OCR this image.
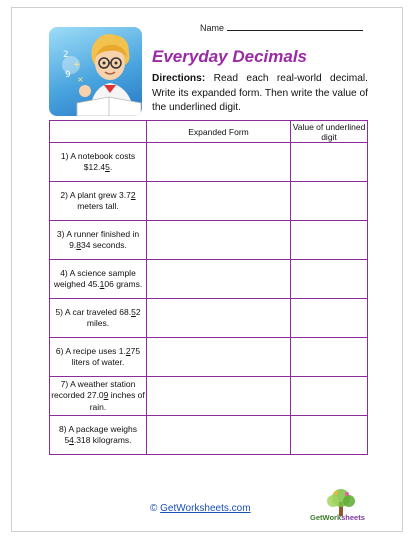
Name
2
+
9 ×
Everyday Decimals
Directions: Read each real-world decimal. Write its expanded form. Then write the value of the underlined digit.
	Expanded Form	Value of underlined digit
1) A notebook costs $12.45.		
2) A plant grew 3.72 meters tall.		
3) A runner finished in 9.834 seconds.		
4) A science sample weighed 45.106 grams.		
5) A car traveled 68.52 miles.		
6) A recipe uses 1.275 liters of water.		
7) A weather station recorded 27.09 inches of rain.		
8) A package weighs 54.318 kilograms.		
© GetWorksheets.com
GetWorksheets
